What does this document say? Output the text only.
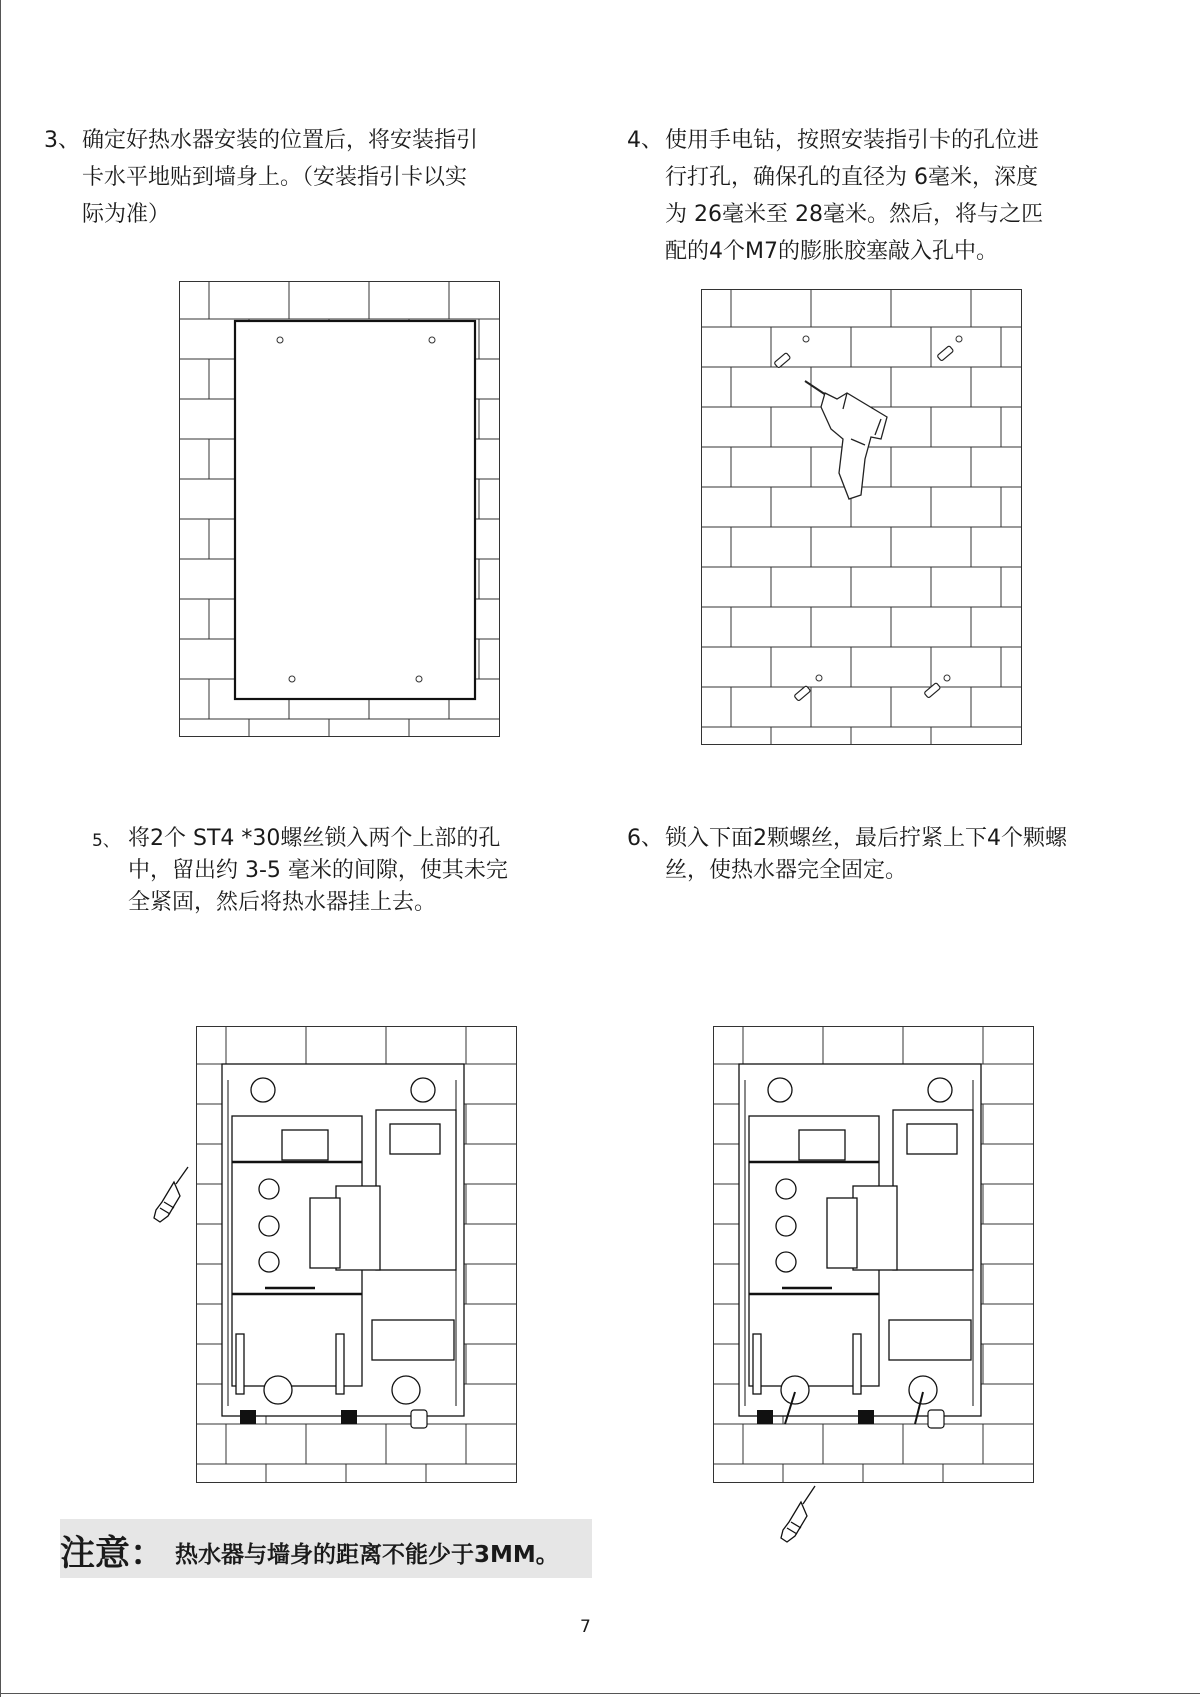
3、 确定好热水器安装的位置后，将安装指引
卡水平地贴到墙身上。（安装指引卡以实
际为准）
4、 使用手电钻，按照安装指引卡的孔位进
行打孔，确保孔的直径为 6毫米，深度
为 26毫米至 28毫米。然后，将与之匹
配的4个M7的膨胀胶塞敲入孔中。
5、 将2个 ST4 *30螺丝锁入两个上部的孔
中，留出约 3-5 毫米的间隙，使其未完
全紧固，然后将热水器挂上去。
6、 锁入下面2颗螺丝，最后拧紧上下4个颗螺
丝，使热水器完全固定。
注意： 热水器与墙身的距离不能少于3MM。
7
